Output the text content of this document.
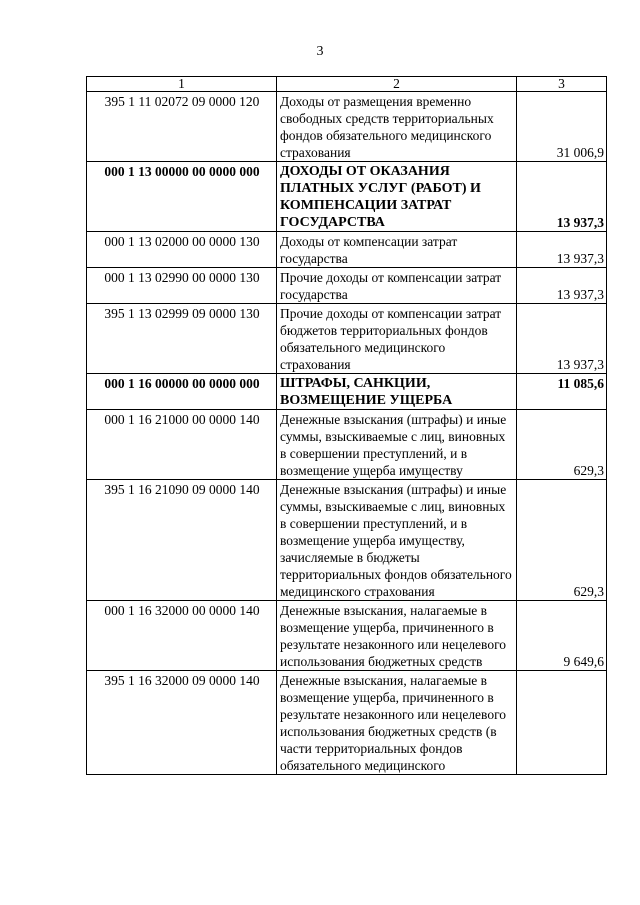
3
1	2	3
395 1 11 02072 09 0000 120	Доходы от размещения временно свободных средств территориальных фондов обязательного медицинского страхования	31 006,9
000 1 13 00000 00 0000 000	ДОХОДЫ ОТ ОКАЗАНИЯ ПЛАТНЫХ УСЛУГ (РАБОТ) И КОМПЕНСАЦИИ ЗАТРАТ ГОСУДАРСТВА	13 937,3
000 1 13 02000 00 0000 130	Доходы от компенсации затрат государства	13 937,3
000 1 13 02990 00 0000 130	Прочие доходы от компенсации затрат государства	13 937,3
395 1 13 02999 09 0000 130	Прочие доходы от компенсации затрат бюджетов территориальных фондов обязательного медицинского страхования	13 937,3
000 1 16 00000 00 0000 000	ШТРАФЫ, САНКЦИИ, ВОЗМЕЩЕНИЕ УЩЕРБА	11 085,6
000 1 16 21000 00 0000 140	Денежные взыскания (штрафы) и иные суммы, взыскиваемые с лиц, виновных в совершении преступлений, и в возмещение ущерба имуществу	629,3
395 1 16 21090 09 0000 140	Денежные взыскания (штрафы) и иные суммы, взыскиваемые с лиц, виновных в совершении преступлений, и в возмещение ущерба имуществу, зачисляемые в бюджеты территориальных фондов обязательного медицинского страхования	629,3
000 1 16 32000 00 0000 140	Денежные взыскания, налагаемые в возмещение ущерба, причиненного в результате незаконного или нецелевого использования бюджетных средств	9 649,6
395 1 16 32000 09 0000 140	Денежные взыскания, налагаемые в возмещение ущерба, причиненного в результате незаконного или нецелевого использования бюджетных средств (в части территориальных фондов обязательного медицинского	
